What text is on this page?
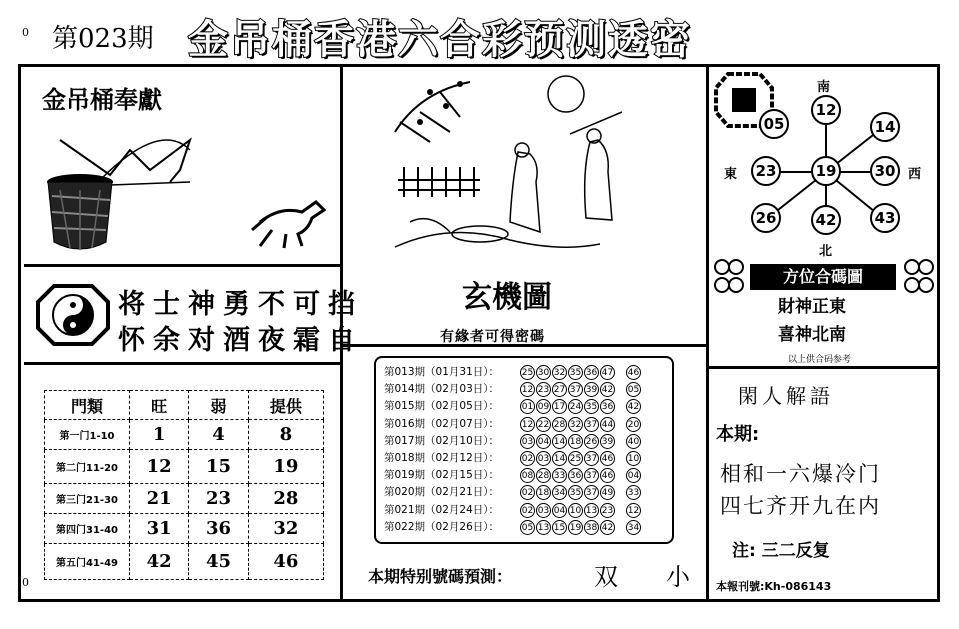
0 第023期 金吊桶香港六合彩预测透密
金吊桶奉獻
将士神勇不可挡
怀余对酒夜霜自
門類	旺	弱	提供
第一门1-10	1	4	8
第二门11-20	12	15	19
第三门21-30	21	23	28
第四门31-40	31	36	32
第五门41-49	42	45	46
0
玄機圖
有緣者可得密碼
第013期（01月31日）：	25 30 32 35 36 47 46
第014期（02月03日）：	12 23 27 37 39 42 05
第015期（02月05日）：	01 09 17 24 35 36 42
第016期（02月07日）：	12 22 28 32 37 44 20
第017期（02月10日）：	03 04 14 18 26 39 40
第018期（02月12日）：	02 03 14 25 37 46 10
第019期（02月15日）：	08 28 33 36 37 46 04
第020期（02月21日）：	02 18 34 35 37 49 33
第021期（02月24日）：	02 03 04 10 13 23 12
第022期（02月26日）：	05 13 15 19 38 42 34
本期特别號碼預測：	双 小
南
北
東	西
19
12
05	14
23	30
26	42	43
方位合碼圖
財神正東
喜神北南
以上供合码参考
閑人解語
本期:
相和一六爆冷门
四七齐开九在内
注: 三二反复
本報刊號:Kh-086143
